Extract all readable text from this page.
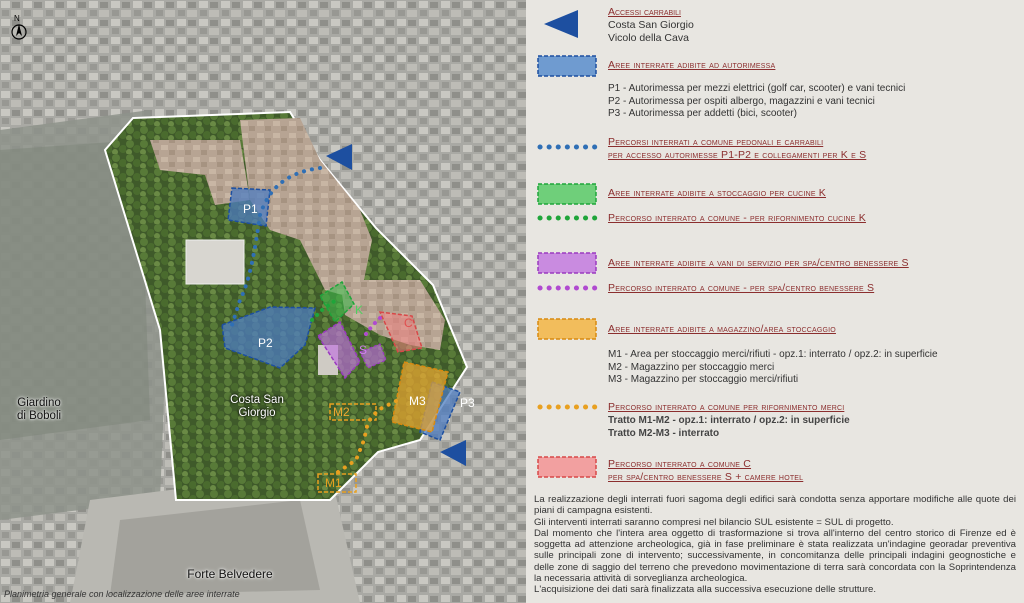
N
P1
P2
P3
K
S
C
M3
M2
M1
Giardino di Boboli
Costa San Giorgio
Forte Belvedere
Planimetria generale con localizzazione delle aree interrate
Accessi carrabili
Costa San Giorgio
Vicolo della Cava
Aree interrate adibite ad autorimessa
P1 - Autorimessa per mezzi elettrici (golf car, scooter) e vani tecnici
P2 - Autorimessa per ospiti albergo, magazzini e vani tecnici
P3 - Autorimessa per addetti (bici, scooter)
Percorsi interrati a comune pedonali e carrabili
per accesso autorimesse P1-P2 e collegamenti per K e S
Aree interrate adibite a stoccaggio per cucine K
Percorso interrato a comune - per rifornimento cucine K
Aree interrate adibite a vani di servizio per spa/centro benessere S
Percorso interrato a comune - per spa/centro benessere S
Aree interrate adibite a magazzino/area stoccaggio
M1 - Area per stoccaggio merci/rifiuti - opz.1: interrato / opz.2: in superficie
M2 - Magazzino per stoccaggio merci
M3 - Magazzino per stoccaggio merci/rifiuti
Percorso interrato a comune per rifornimento merci
Tratto M1-M2 - opz.1: interrato / opz.2: in superficie
Tratto M2-M3 - interrato
Percorso interrato a comune C
per spa/centro benessere S + camere hotel

La realizzazione degli interrati fuori sagoma degli edifici sarà condotta senza apportare modifiche alle quote dei piani di campagna esistenti.

Gli interventi interrati saranno compresi nel bilancio SUL esistente = SUL di progetto.

Dal momento che l'intera area oggetto di trasformazione si trova all'interno del centro storico di Firenze ed è soggetta ad attenzione archeologica, già in fase preliminare è stata realizzata un'indagine georadar preventiva sulle principali zone di intervento; successivamente, in concomitanza delle principali indagini geognostiche e delle zone di saggio del terreno che prevedono movimentazione di terra sarà concordata con la Soprintendenza la necessaria attività di sorveglianza archeologica.

L'acquisizione dei dati sarà finalizzata alla successiva esecuzione delle strutture.
